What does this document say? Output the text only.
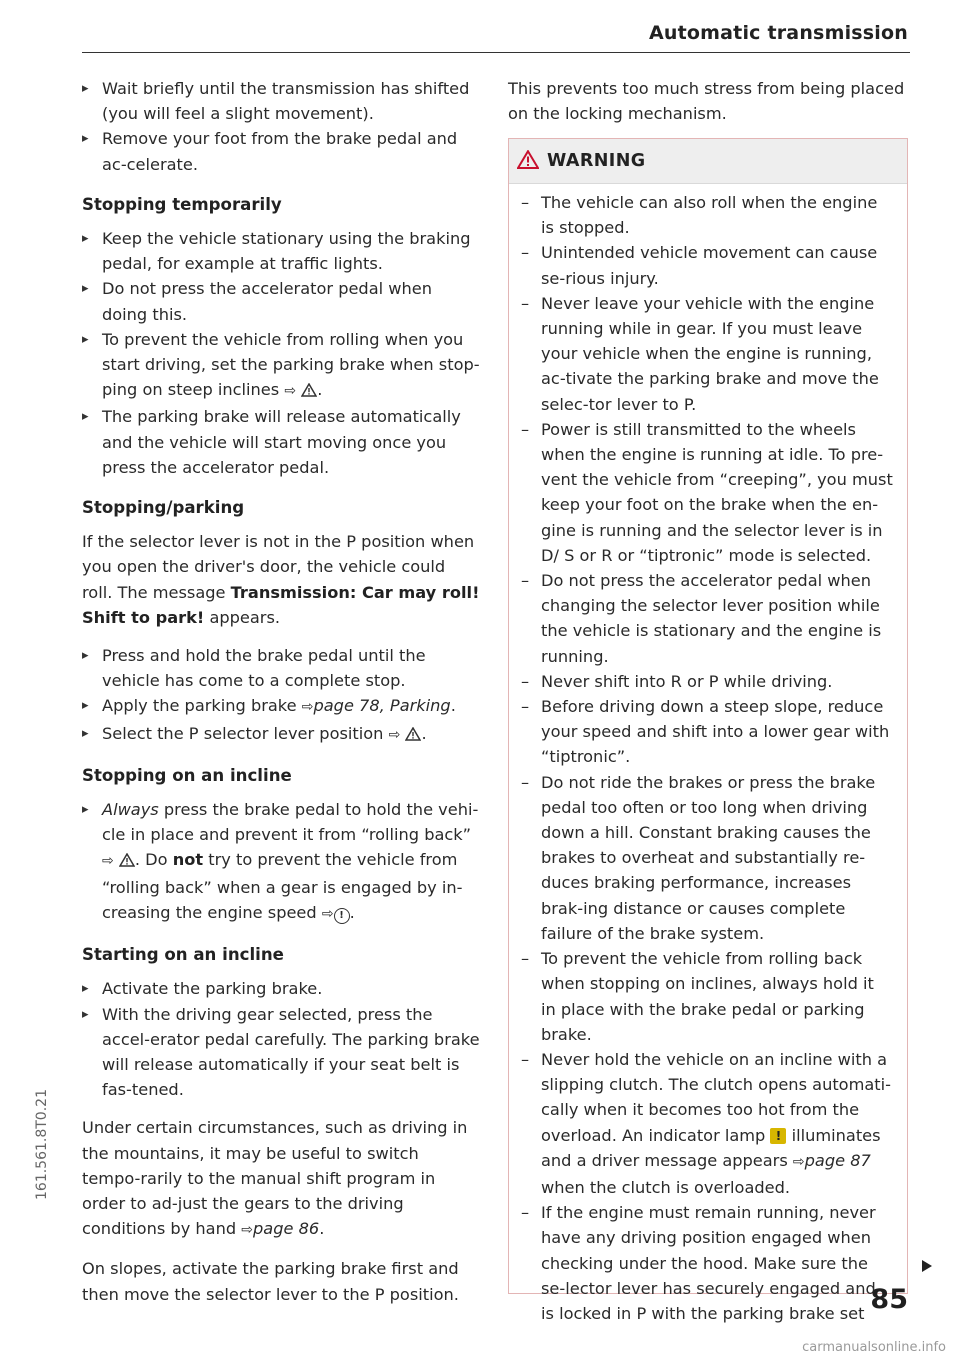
Automatic transmission

▸ Wait briefly until the transmission has shifted (you will feel a slight movement).

▸ Remove your foot from the brake pedal and ac-celerate.

Stopping temporarily

▸ Keep the vehicle stationary using the braking pedal, for example at traffic lights.

▸ Do not press the accelerator pedal when doing this.

▸ To prevent the vehicle from rolling when you start driving, set the parking brake when stop-ping on steep inclines ⇨ .

▸ The parking brake will release automatically and the vehicle will start moving once you press the accelerator pedal.

Stopping/parking

If the selector lever is not in the P position when you open the driver's door, the vehicle could roll. The message Transmission: Car may roll! Shift to park! appears.

▸ Press and hold the brake pedal until the vehicle has come to a complete stop.

▸ Apply the parking brake ⇨page 78, Parking.

▸ Select the P selector lever position ⇨ .

Stopping on an incline

▸ Always press the brake pedal to hold the vehi-cle in place and prevent it from “rolling back” ⇨ . Do not try to prevent the vehicle from “rolling back” when a gear is engaged by in-creasing the engine speed ⇨ ! .

Starting on an incline

▸ Activate the parking brake.

▸ With the driving gear selected, press the accel-erator pedal carefully. The parking brake will release automatically if your seat belt is fas-tened.

Under certain circumstances, such as driving in the mountains, it may be useful to switch tempo-rarily to the manual shift program in order to ad-just the gears to the driving conditions by hand ⇨page 86.

On slopes, activate the parking brake first and then move the selector lever to the P position.

This prevents too much stress from being placed on the locking mechanism.

WARNING

– The vehicle can also roll when the engine is stopped.

– Unintended vehicle movement can cause se-rious injury.

– Never leave your vehicle with the engine running while in gear. If you must leave your vehicle when the engine is running, ac-tivate the parking brake and move the selec-tor lever to P.

– Power is still transmitted to the wheels when the engine is running at idle. To pre-vent the vehicle from “creeping”, you must keep your foot on the brake when the en-gine is running and the selector lever is in D/ S or R or “tiptronic” mode is selected.

– Do not press the accelerator pedal when changing the selector lever position while the vehicle is stationary and the engine is running.

– Never shift into R or P while driving.

– Before driving down a steep slope, reduce your speed and shift into a lower gear with “tiptronic”.

– Do not ride the brakes or press the brake pedal too often or too long when driving down a hill. Constant braking causes the brakes to overheat and substantially re-duces braking performance, increases brak-ing distance or causes complete failure of the brake system.

– To prevent the vehicle from rolling back when stopping on inclines, always hold it in place with the brake pedal or parking brake.

– Never hold the vehicle on an incline with a slipping clutch. The clutch opens automati-cally when it becomes too hot from the overload. An indicator lamp ! illuminates and a driver message appears ⇨page 87 when the clutch is overloaded.

– If the engine must remain running, never have any driving position engaged when checking under the hood. Make sure the se-lector lever has securely engaged and is locked in P with the parking brake set 85
161.561.8T0.21
carmanualsonline.info
